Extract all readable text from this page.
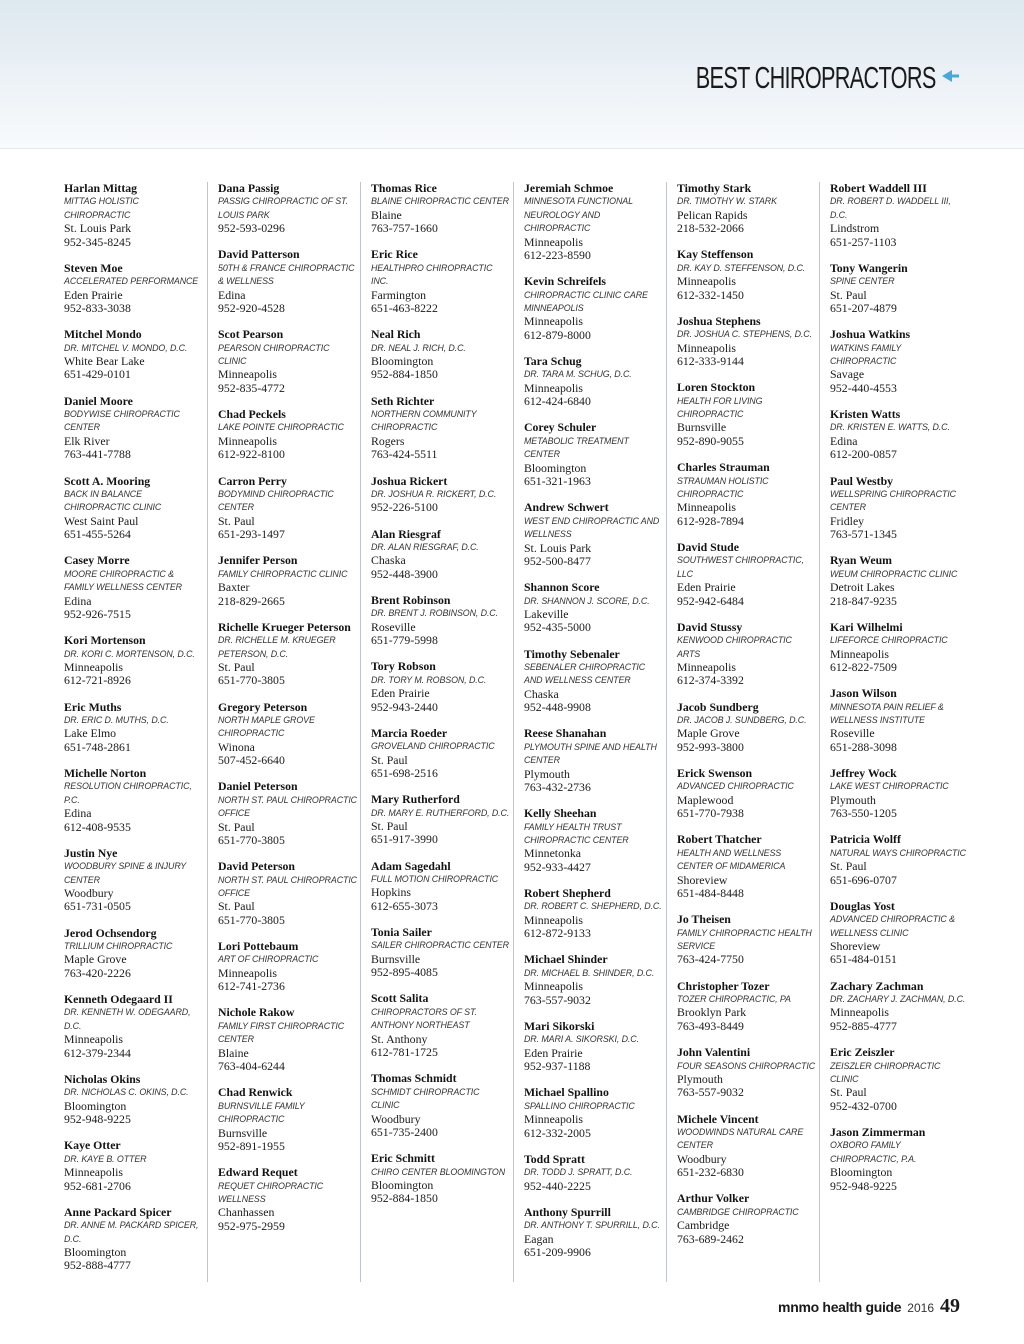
BEST CHIROPRACTORS
Harlan Mittag
MITTAG HOLISTIC CHIROPRACTIC
St. Louis Park
952-345-8245
Steven Moe
ACCELERATED PERFORMANCE
Eden Prairie
952-833-3038
Mitchel Mondo
DR. MITCHEL V. MONDO, D.C.
White Bear Lake
651-429-0101
Daniel Moore
BODYWISE CHIROPRACTIC CENTER
Elk River
763-441-7788
Scott A. Mooring
BACK IN BALANCE CHIROPRACTIC CLINIC
West Saint Paul
651-455-5264
Casey Morre
MOORE CHIROPRACTIC & FAMILY WELLNESS CENTER
Edina
952-926-7515
Kori Mortenson
DR. KORI C. MORTENSON, D.C.
Minneapolis
612-721-8926
Eric Muths
DR. ERIC D. MUTHS, D.C.
Lake Elmo
651-748-2861
Michelle Norton
RESOLUTION CHIROPRACTIC, P.C.
Edina
612-408-9535
Justin Nye
WOODBURY SPINE & INJURY CENTER
Woodbury
651-731-0505
Jerod Ochsendorg
TRILLIUM CHIROPRACTIC
Maple Grove
763-420-2226
Kenneth Odegaard II
DR. KENNETH W. ODEGAARD, D.C.
Minneapolis
612-379-2344
Nicholas Okins
DR. NICHOLAS C. OKINS, D.C.
Bloomington
952-948-9225
Kaye Otter
DR. KAYE B. OTTER
Minneapolis
952-681-2706
Anne Packard Spicer
DR. ANNE M. PACKARD SPICER, D.C.
Bloomington
952-888-4777
Dana Passig
PASSIG CHIROPRACTIC OF ST. LOUIS PARK
952-593-0296
David Patterson
50TH & FRANCE CHIROPRACTIC & WELLNESS
Edina
952-920-4528
Scot Pearson
PEARSON CHIROPRACTIC CLINIC
Minneapolis
952-835-4772
Chad Peckels
LAKE POINTE CHIROPRACTIC
Minneapolis
612-922-8100
Carron Perry
BODYMIND CHIROPRACTIC CENTER
St. Paul
651-293-1497
Jennifer Person
FAMILY CHIROPRACTIC CLINIC
Baxter
218-829-2665
Richelle Krueger Peterson
DR. RICHELLE M. KRUEGER PETERSON, D.C.
St. Paul
651-770-3805
Gregory Peterson
NORTH MAPLE GROVE CHIROPRACTIC
Winona
507-452-6640
Daniel Peterson
NORTH ST. PAUL CHIROPRACTIC OFFICE
St. Paul
651-770-3805
David Peterson
NORTH ST. PAUL CHIROPRACTIC OFFICE
St. Paul
651-770-3805
Lori Pottebaum
ART OF CHIROPRACTIC
Minneapolis
612-741-2736
Nichole Rakow
FAMILY FIRST CHIROPRACTIC CENTER
Blaine
763-404-6244
Chad Renwick
BURNSVILLE FAMILY CHIROPRACTIC
Burnsville
952-891-1955
Edward Requet
REQUET CHIROPRACTIC WELLNESS
Chanhassen
952-975-2959
Thomas Rice
BLAINE CHIROPRACTIC CENTER
Blaine
763-757-1660
Eric Rice
HEALTHPRO CHIROPRACTIC INC.
Farmington
651-463-8222
Neal Rich
DR. NEAL J. RICH, D.C.
Bloomington
952-884-1850
Seth Richter
NORTHERN COMMUNITY CHIROPRACTIC
Rogers
763-424-5511
Joshua Rickert
DR. JOSHUA R. RICKERT, D.C.
952-226-5100
Alan Riesgraf
DR. ALAN RIESGRAF, D.C.
Chaska
952-448-3900
Brent Robinson
DR. BRENT J. ROBINSON, D.C.
Roseville
651-779-5998
Tory Robson
DR. TORY M. ROBSON, D.C.
Eden Prairie
952-943-2440
Marcia Roeder
GROVELAND CHIROPRACTIC
St. Paul
651-698-2516
Mary Rutherford
DR. MARY E. RUTHERFORD, D.C.
St. Paul
651-917-3990
Adam Sagedahl
FULL MOTION CHIROPRACTIC
Hopkins
612-655-3073
Tonia Sailer
SAILER CHIROPRACTIC CENTER
Burnsville
952-895-4085
Scott Salita
CHIROPRACTORS OF ST. ANTHONY NORTHEAST
St. Anthony
612-781-1725
Thomas Schmidt
SCHMIDT CHIROPRACTIC CLINIC
Woodbury
651-735-2400
Eric Schmitt
CHIRO CENTER BLOOMINGTON
Bloomington
952-884-1850
Jeremiah Schmoe
MINNESOTA FUNCTIONAL NEUROLOGY AND CHIROPRACTIC
Minneapolis
612-223-8590
Kevin Schreifels
CHIROPRACTIC CLINIC CARE MINNEAPOLIS
Minneapolis
612-879-8000
Tara Schug
DR. TARA M. SCHUG, D.C.
Minneapolis
612-424-6840
Corey Schuler
METABOLIC TREATMENT CENTER
Bloomington
651-321-1963
Andrew Schwert
WEST END CHIROPRACTIC AND WELLNESS
St. Louis Park
952-500-8477
Shannon Score
DR. SHANNON J. SCORE, D.C.
Lakeville
952-435-5000
Timothy Sebenaler
SEBENALER CHIROPRACTIC AND WELLNESS CENTER
Chaska
952-448-9908
Reese Shanahan
PLYMOUTH SPINE AND HEALTH CENTER
Plymouth
763-432-2736
Kelly Sheehan
FAMILY HEALTH TRUST CHIROPRACTIC CENTER
Minnetonka
952-933-4427
Robert Shepherd
DR. ROBERT C. SHEPHERD, D.C.
Minneapolis
612-872-9133
Michael Shinder
DR. MICHAEL B. SHINDER, D.C.
Minneapolis
763-557-9032
Mari Sikorski
DR. MARI A. SIKORSKI, D.C.
Eden Prairie
952-937-1188
Michael Spallino
SPALLINO CHIROPRACTIC
Minneapolis
612-332-2005
Todd Spratt
DR. TODD J. SPRATT, D.C.
952-440-2225
Anthony Spurrill
DR. ANTHONY T. SPURRILL, D.C.
Eagan
651-209-9906
Timothy Stark
DR. TIMOTHY W. STARK
Pelican Rapids
218-532-2066
Kay Steffenson
DR. KAY D. STEFFENSON, D.C.
Minneapolis
612-332-1450
Joshua Stephens
DR. JOSHUA C. STEPHENS, D.C.
Minneapolis
612-333-9144
Loren Stockton
HEALTH FOR LIVING CHIROPRACTIC
Burnsville
952-890-9055
Charles Strauman
STRAUMAN HOLISTIC CHIROPRACTIC
Minneapolis
612-928-7894
David Stude
SOUTHWEST CHIROPRACTIC, LLC
Eden Prairie
952-942-6484
David Stussy
KENWOOD CHIROPRACTIC ARTS
Minneapolis
612-374-3392
Jacob Sundberg
DR. JACOB J. SUNDBERG, D.C.
Maple Grove
952-993-3800
Erick Swenson
ADVANCED CHIROPRACTIC
Maplewood
651-770-7938
Robert Thatcher
HEALTH AND WELLNESS CENTER OF MIDAMERICA
Shoreview
651-484-8448
Jo Theisen
FAMILY CHIROPRACTIC HEALTH SERVICE
763-424-7750
Christopher Tozer
TOZER CHIROPRACTIC, PA
Brooklyn Park
763-493-8449
John Valentini
FOUR SEASONS CHIROPRACTIC
Plymouth
763-557-9032
Michele Vincent
WOODWINDS NATURAL CARE CENTER
Woodbury
651-232-6830
Arthur Volker
CAMBRIDGE CHIROPRACTIC
Cambridge
763-689-2462
Robert Waddell III
DR. ROBERT D. WADDELL III, D.C.
Lindstrom
651-257-1103
Tony Wangerin
SPINE CENTER
St. Paul
651-207-4879
Joshua Watkins
WATKINS FAMILY CHIROPRACTIC
Savage
952-440-4553
Kristen Watts
DR. KRISTEN E. WATTS, D.C.
Edina
612-200-0857
Paul Westby
WELLSPRING CHIROPRACTIC CENTER
Fridley
763-571-1345
Ryan Weum
WEUM CHIROPRACTIC CLINIC
Detroit Lakes
218-847-9235
Kari Wilhelmi
LIFEFORCE CHIROPRACTIC
Minneapolis
612-822-7509
Jason Wilson
MINNESOTA PAIN RELIEF & WELLNESS INSTITUTE
Roseville
651-288-3098
Jeffrey Wock
LAKE WEST CHIROPRACTIC
Plymouth
763-550-1205
Patricia Wolff
NATURAL WAYS CHIROPRACTIC
St. Paul
651-696-0707
Douglas Yost
ADVANCED CHIROPRACTIC & WELLNESS CLINIC
Shoreview
651-484-0151
Zachary Zachman
DR. ZACHARY J. ZACHMAN, D.C.
Minneapolis
952-885-4777
Eric Zeiszler
ZEISZLER CHIROPRACTIC CLINIC
St. Paul
952-432-0700
Jason Zimmerman
OXBORO FAMILY CHIROPRACTIC, P.A.
Bloomington
952-948-9225
mnmo health guide 2016 49
